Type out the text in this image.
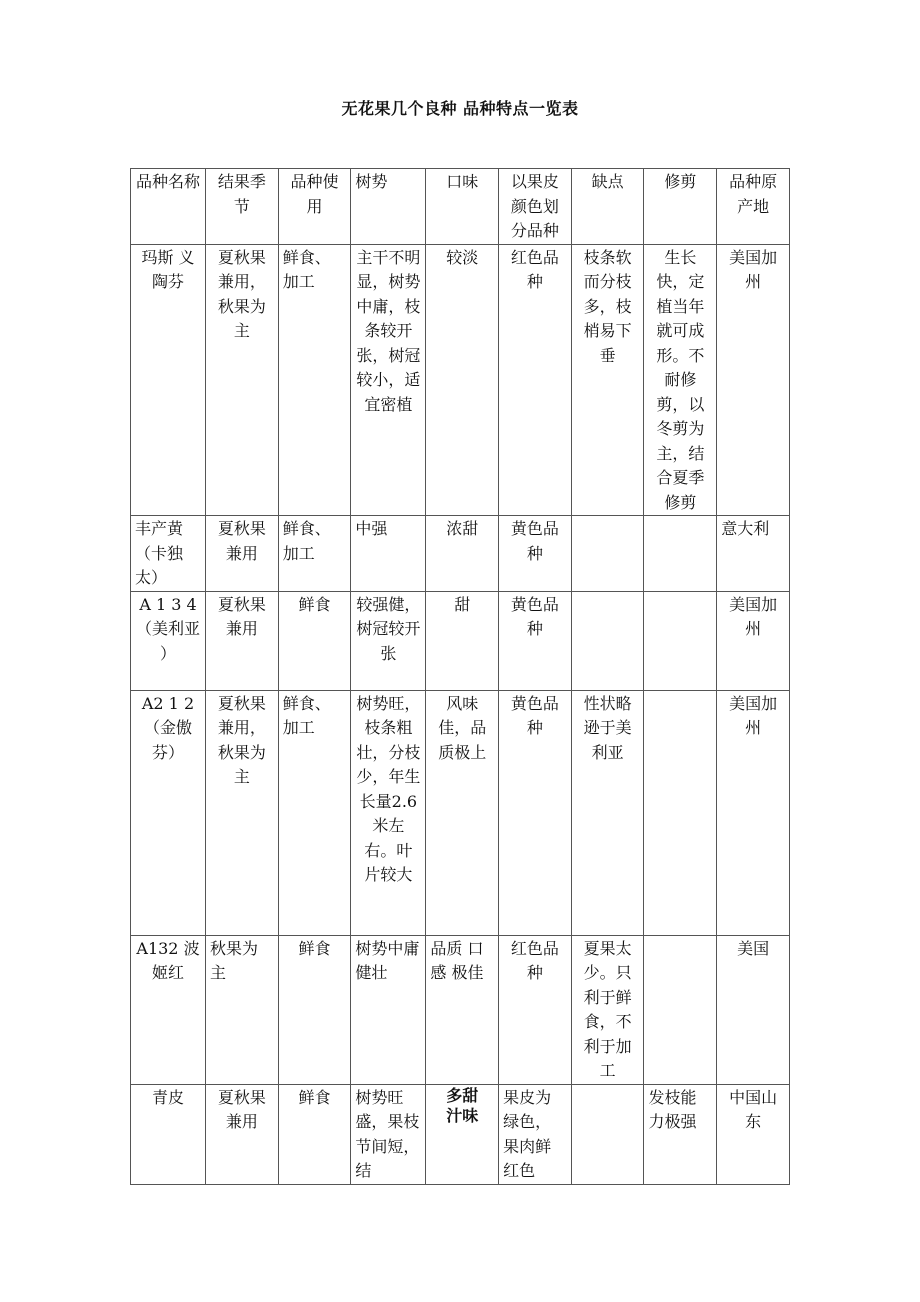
无花果几个良种 品种特点一览表
品种名称	结果季节	品种使用	树势	口味	以果皮颜色划分品种	缺点	修剪	品种原产地
玛斯 义陶芬	夏秋果兼用，秋果为主	鲜食、加工	主干不明显，树势中庸，枝条较开张，树冠较小，适宜密植	较淡	红色品种	枝条软而分枝多，枝梢易下垂	生长快，定植当年就可成形。不耐修剪，以冬剪为主，结合夏季修剪	美国加州
丰产黄（卡独太）	夏秋果兼用	鲜食、加工	中强	浓甜	黄色品种			意大利
A 1 3 4（美利亚 ）	夏秋果兼用	鲜食	较强健，树冠较开张	甜	黄色品种			美国加州
A2 1 2 （金傲芬）	夏秋果兼用，秋果为主	鲜食、加工	树势旺，枝条粗壮，分枝少，年生长量2.6 米左 右。叶 片较大	风味佳，品质极上	黄色品种	性状略逊于美利亚		美国加州
A132 波姬红	秋果为主	鲜食	树势中庸健壮	品质 口感 极佳	红色品种	夏果太少。只利于鲜食，不利于加工		美国
青皮	夏秋果兼用	鲜食	树势旺盛，果枝节间短，结	多甜 汁味	果皮为绿色，果肉鲜红色		发枝能力极强	中国山东
